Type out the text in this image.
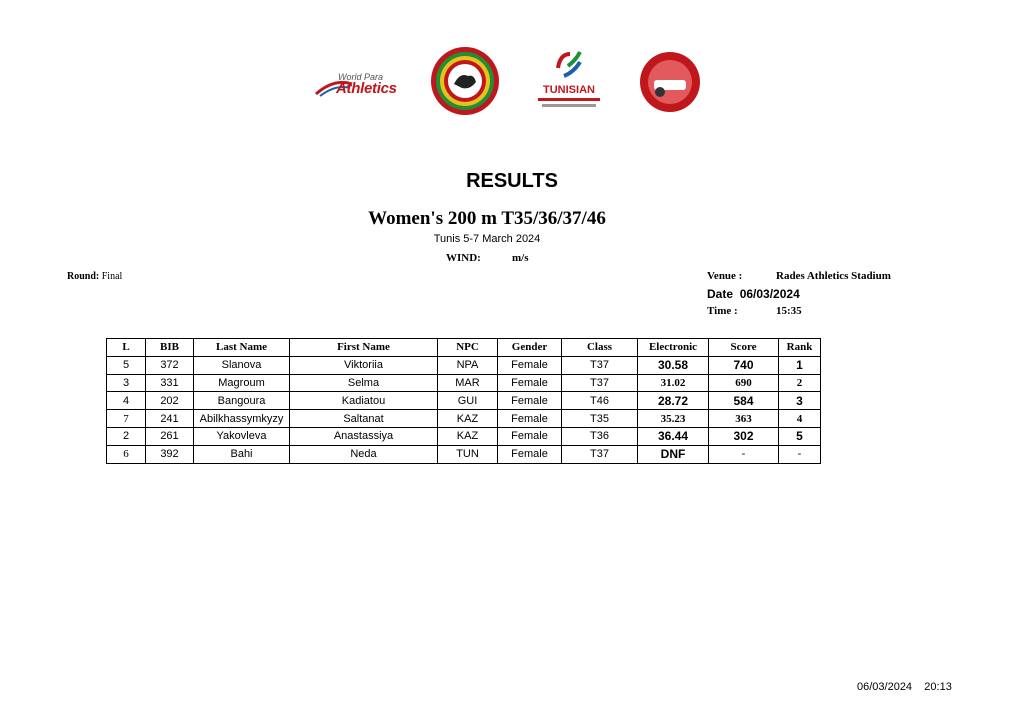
World Para
Athletics	TUNISIAN
RESULTS
Women's 200 m T35/36/37/46
Tunis 5-7 March 2024
WIND:	m/s
Round: Final	Venue :	Rades Athletics Stadium
Date 06/03/2024
Time :	15:35
L	BIB	Last Name	First Name	NPC	Gender	Class	Electronic	Score	Rank
5	372	Slanova	Viktoriia	NPA	Female	T37	30.58	740	1
3	331	Magroum	Selma	MAR	Female	T37	31.02	690	2
4	202	Bangoura	Kadiatou	GUI	Female	T46	28.72	584	3
7	241	Abilkhassymkyzy	Saltanat	KAZ	Female	T35	35.23	363	4
2	261	Yakovleva	Anastassiya	KAZ	Female	T36	36.44	302	5
6	392	Bahi	Neda	TUN	Female	T37	DNF	-	-
06/03/2024 20:13
